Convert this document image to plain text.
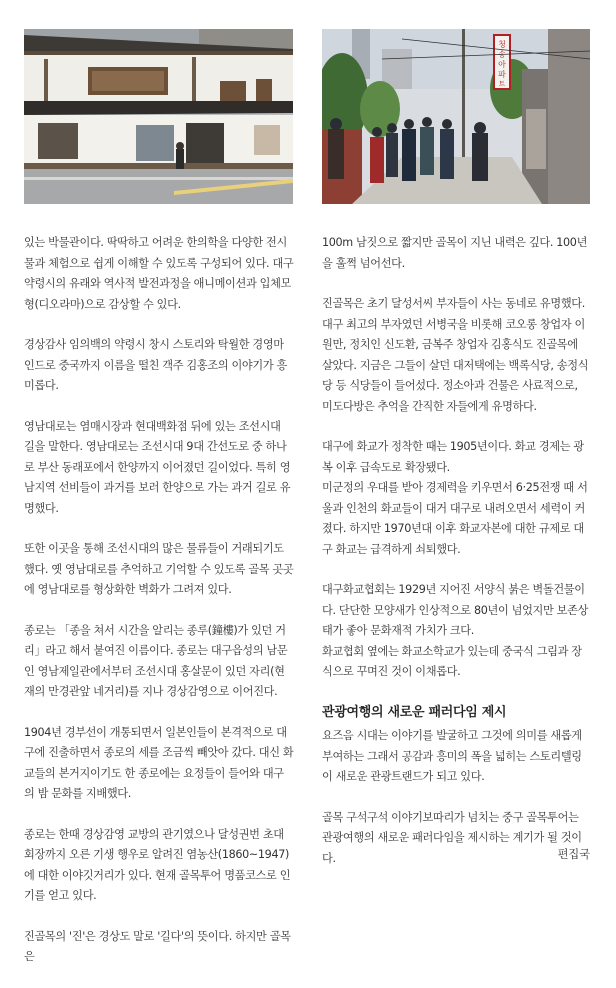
청
아
파
트

있는 박물관이다. 딱딱하고 어려운 한의학을 다양한 전시물과 체험으로 쉽게 이해할 수 있도록 구성되어 있다. 대구 약령시의 유래와 역사적 발전과정을 애니메이션과 입체모형(디오라마)으로 감상할 수 있다.

경상감사 임의백의 약령시 창시 스토리와 탁월한 경영마인드로 중국까지 이름을 떨친 객주 김홍조의 이야기가 흥미롭다.

영남대로는 염매시장과 현대백화점 뒤에 있는 조선시대 길을 말한다. 영남대로는 조선시대 9대 간선도로 중 하나로 부산 동래포에서 한양까지 이어졌던 길이었다. 특히 영남지역 선비들이 과거를 보러 한양으로 가는 과거 길로 유명했다.

또한 이곳을 통해 조선시대의 많은 물류들이 거래되기도 했다. 옛 영남대로를 추억하고 기억할 수 있도록 골목 곳곳에 영남대로를 형상화한 벽화가 그려져 있다.

종로는 「종을 쳐서 시간을 알리는 종루(鐘樓)가 있던 거리」라고 해서 붙여진 이름이다. 종로는 대구읍성의 남문인 영남제일관에서부터 조선시대 홍살문이 있던 자리(현재의 만경관앞 네거리)를 지나 경상감영으로 이어진다.

1904년 경부선이 개통되면서 일본인들이 본격적으로 대구에 진출하면서 종로의 세를 조금씩 빼앗아 갔다. 대신 화교들의 본거지이기도 한 종로에는 요정들이 들어와 대구의 밤 문화를 지배했다.

종로는 한때 경상감영 교방의 관기였으나 달성권번 초대회장까지 오른 기생 행우로 알려진 염농산(1860~1947)에 대한 이야깃거리가 있다. 현재 골목투어 명품코스로 인기를 얻고 있다.

진골목의 '진'은 경상도 말로 '길다'의 뜻이다. 하지만 골목은

100m 남짓으로 짧지만 골목이 지닌 내력은 깊다. 100년을 훌쩍 넘어선다.

진골목은 초기 달성서씨 부자들이 사는 동네로 유명했다. 대구 최고의 부자였던 서병국을 비롯해 코오롱 창업자 이원만, 정치인 신도환, 금복주 창업자 김홍식도 진골목에 살았다. 지금은 그들이 살던 대저택에는 백록식당, 송정식당 등 식당들이 들어섰다. 정소아과 건물은 사료적으로, 미도다방은 추억을 간직한 자들에게 유명하다.

대구에 화교가 정착한 때는 1905년이다. 화교 경제는 광복 이후 급속도로 확장됐다.

미군정의 우대를 받아 경제력을 키우면서 6·25전쟁 때 서울과 인천의 화교들이 대거 대구로 내려오면서 세력이 커졌다. 하지만 1970년대 이후 화교자본에 대한 규제로 대구 화교는 급격하게 쇠퇴했다.

대구화교협회는 1929년 지어진 서양식 붉은 벽돌건물이다. 단단한 모양새가 인상적으로 80년이 넘었지만 보존상태가 좋아 문화재적 가치가 크다.

화교협회 옆에는 화교소학교가 있는데 중국식 그림과 장식으로 꾸며진 것이 이채롭다.

관광여행의 새로운 패러다임 제시

요즈음 시대는 이야기를 발굴하고 그것에 의미를 새롭게 부여하는 그래서 공감과 흥미의 폭을 넓히는 스토리텔링이 새로운 관광트랜드가 되고 있다.

골목 구석구석 이야기보따리가 넘치는 중구 골목투어는 관광여행의 새로운 패러다임을 제시하는 계기가 될 것이다.	편집국
